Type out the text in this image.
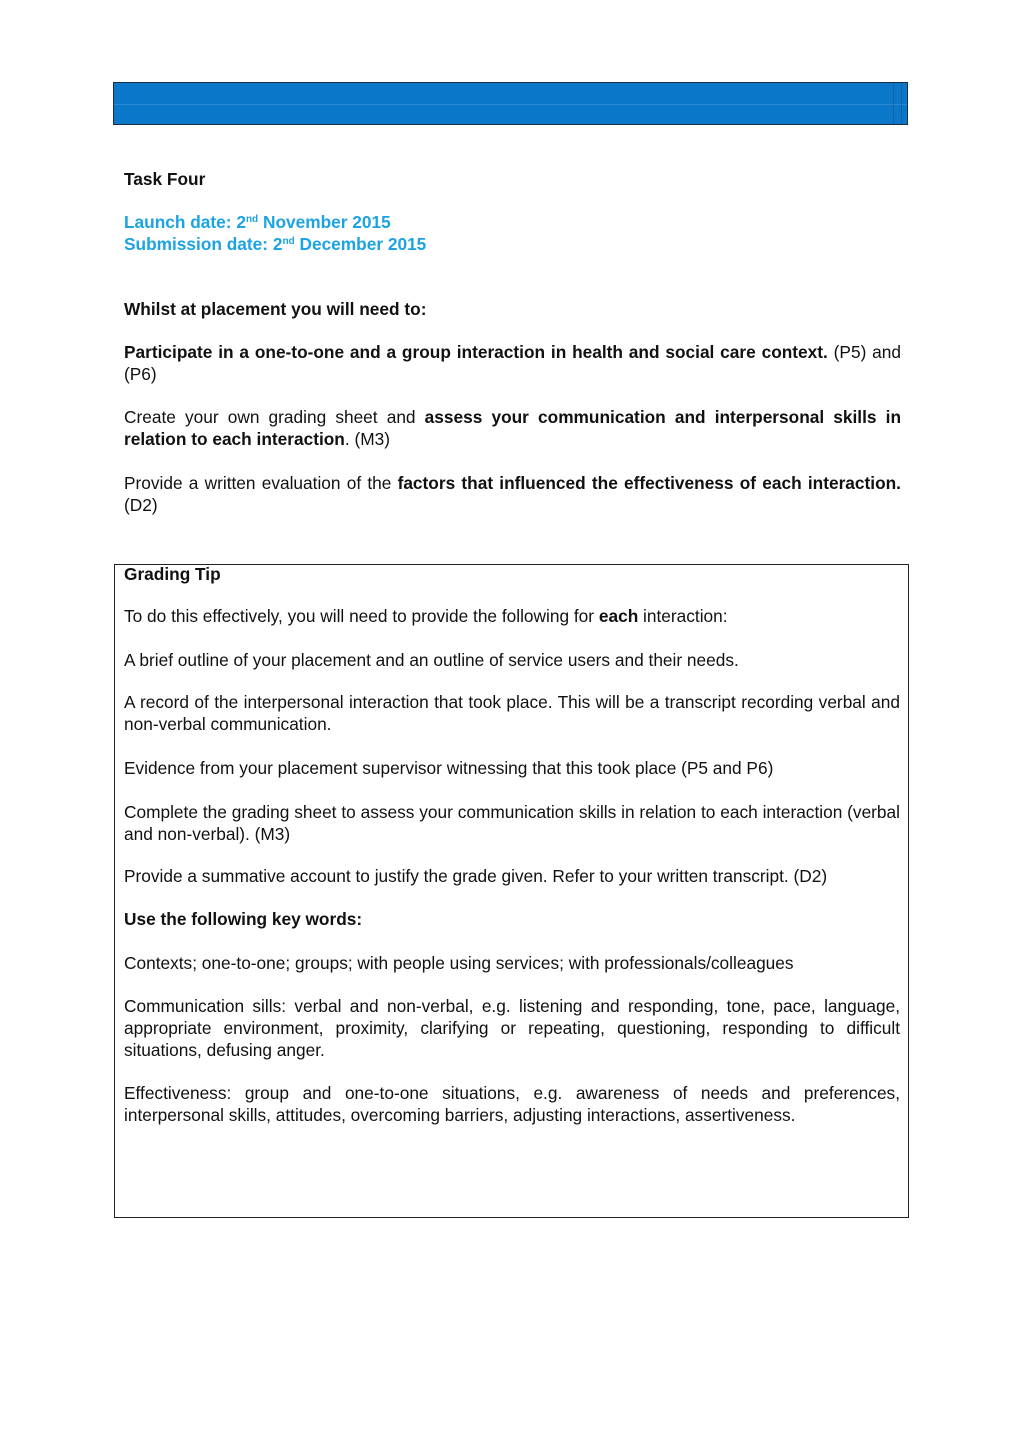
Task Four

Launch date: 2nd November 2015

Submission date: 2nd December 2015

Whilst at placement you will need to:

Participate in a one-to-one and a group interaction in health and social care context. (P5) and (P6)

Create your own grading sheet and assess your communication and interpersonal skills in relation to each interaction. (M3)

Provide a written evaluation of the factors that influenced the effectiveness of each interaction. (D2)

Grading Tip

To do this effectively, you will need to provide the following for each interaction:

A brief outline of your placement and an outline of service users and their needs.

A record of the interpersonal interaction that took place. This will be a transcript recording verbal and non-verbal communication.

Evidence from your placement supervisor witnessing that this took place (P5 and P6)

Complete the grading sheet to assess your communication skills in relation to each interaction (verbal and non-verbal). (M3)

Provide a summative account to justify the grade given. Refer to your written transcript. (D2)

Use the following key words:

Contexts; one-to-one; groups; with people using services; with professionals/colleagues

Communication sills: verbal and non-verbal, e.g. listening and responding, tone, pace, language, appropriate environment, proximity, clarifying or repeating, questioning, responding to difficult situations, defusing anger.

Effectiveness: group and one-to-one situations, e.g. awareness of needs and preferences, interpersonal skills, attitudes, overcoming barriers, adjusting interactions, assertiveness.
